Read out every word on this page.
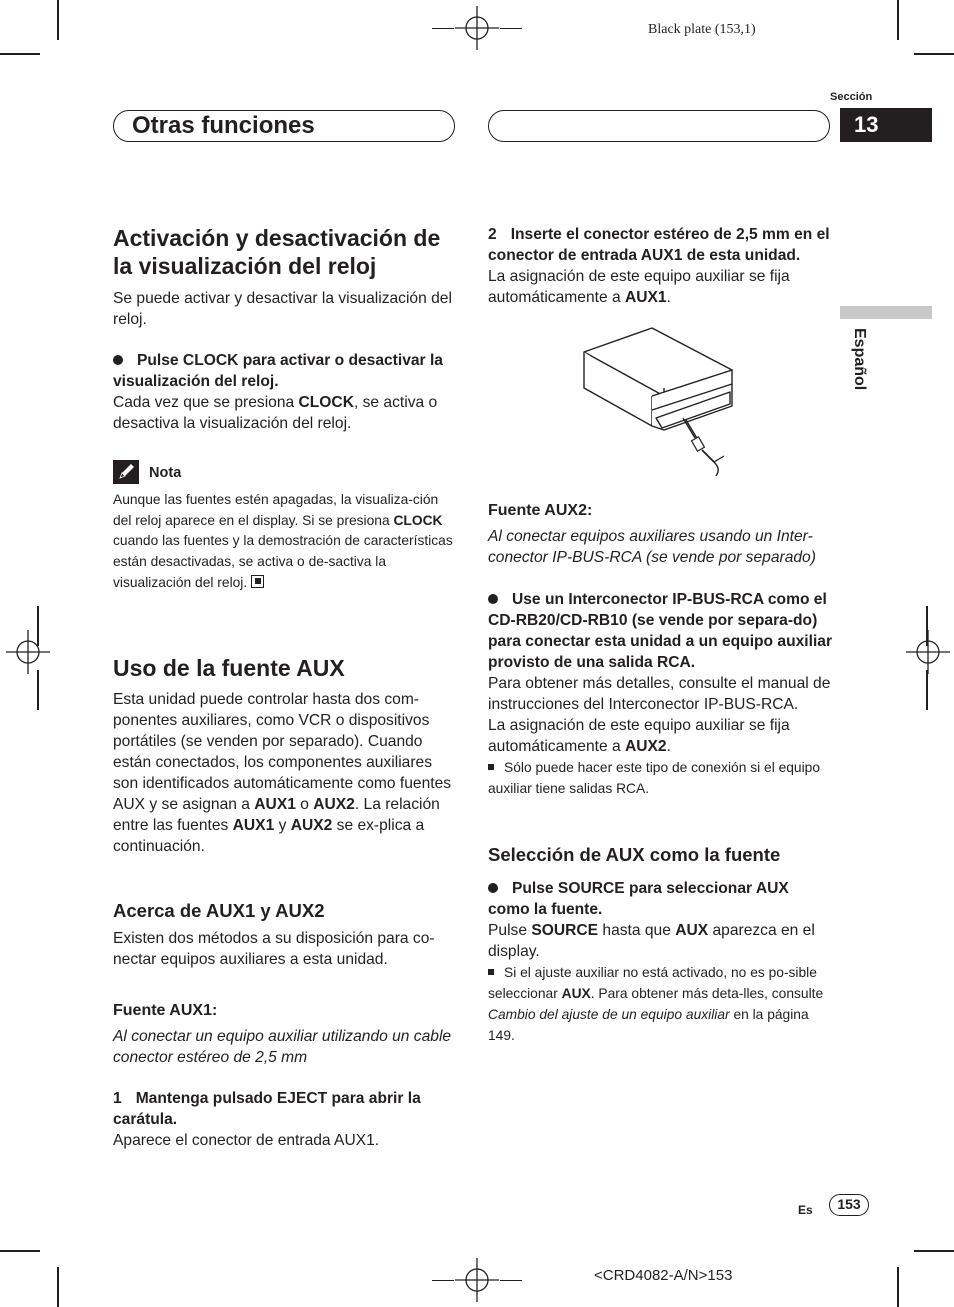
Black plate (153,1)
Sección
Otras funciones	13
Español
Activación y desactivación de la visualización del reloj

Se puede activar y desactivar la visualización del reloj.

Pulse CLOCK para activar o desactivar la visualización del reloj.

Cada vez que se presiona CLOCK, se activa o desactiva la visualización del reloj.

Nota

Aunque las fuentes estén apagadas, la visualiza-ción del reloj aparece en el display. Si se presiona CLOCK cuando las fuentes y la demostración de características están desactivadas, se activa o de-sactiva la visualización del reloj.

Uso de la fuente AUX

Esta unidad puede controlar hasta dos com-ponentes auxiliares, como VCR o dispositivos portátiles (se venden por separado). Cuando están conectados, los componentes auxiliares son identificados automáticamente como fuentes AUX y se asignan a AUX1 o AUX2. La relación entre las fuentes AUX1 y AUX2 se ex-plica a continuación.

Acerca de AUX1 y AUX2

Existen dos métodos a su disposición para co-nectar equipos auxiliares a esta unidad.

Fuente AUX1:

Al conectar un equipo auxiliar utilizando un cable conector estéreo de 2,5 mm

1 Mantenga pulsado EJECT para abrir la carátula.

Aparece el conector de entrada AUX1.

2 Inserte el conector estéreo de 2,5 mm en el conector de entrada AUX1 de esta unidad.

La asignación de este equipo auxiliar se fija automáticamente a AUX1.

Fuente AUX2:

Al conectar equipos auxiliares usando un Inter-conector IP-BUS-RCA (se vende por separado)

Use un Interconector IP-BUS-RCA como el CD-RB20/CD-RB10 (se vende por separa-do) para conectar esta unidad a un equipo auxiliar provisto de una salida RCA.

Para obtener más detalles, consulte el manual de instrucciones del Interconector IP-BUS-RCA.

La asignación de este equipo auxiliar se fija automáticamente a AUX2.

Sólo puede hacer este tipo de conexión si el equipo auxiliar tiene salidas RCA.

Selección de AUX como la fuente
Pulse SOURCE para seleccionar AUX como la fuente.

Pulse SOURCE hasta que AUX aparezca en el display.

Si el ajuste auxiliar no está activado, no es po-sible seleccionar AUX. Para obtener más deta-lles, consulte Cambio del ajuste de un equipo auxiliar en la página 149.

Es	153
<CRD4082-A/N>153
